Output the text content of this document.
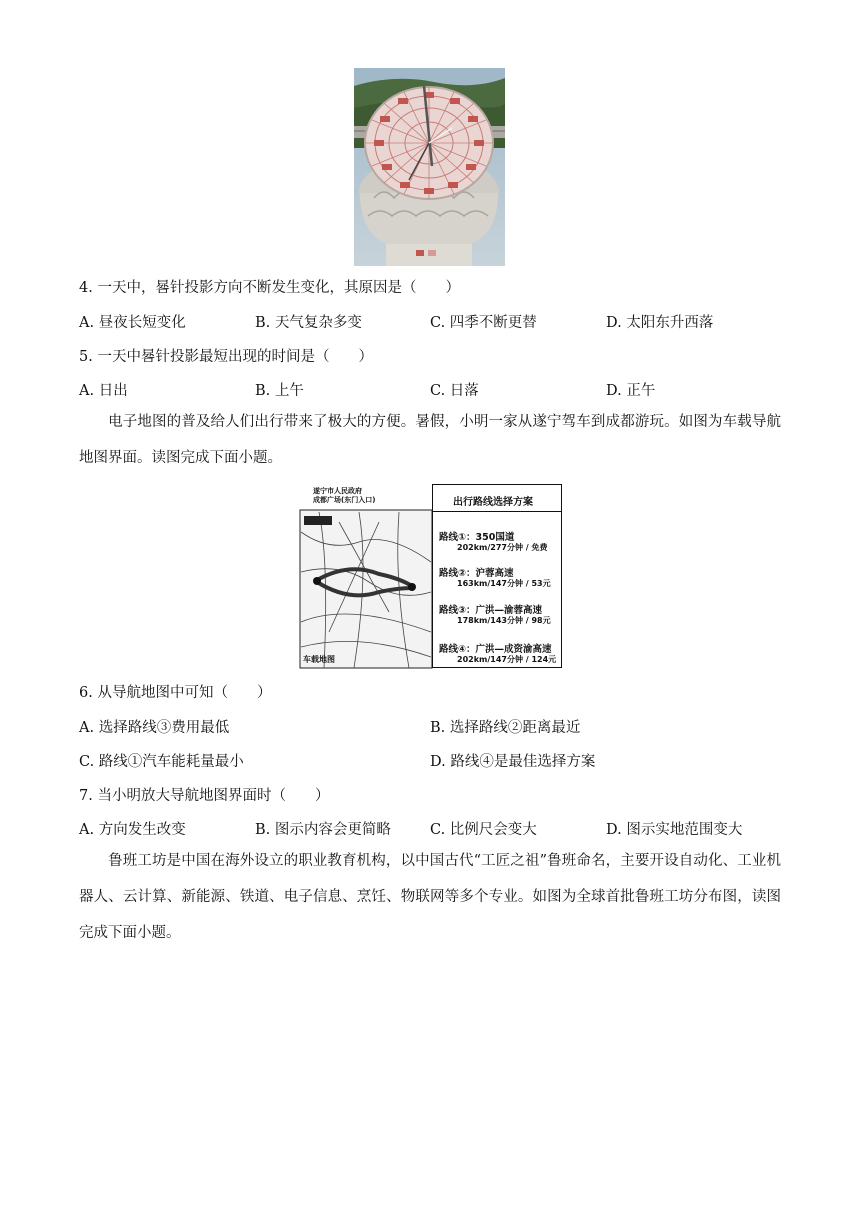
4. 一天中，晷针投影方向不断发生变化，其原因是（　　）
A. 昼夜长短变化	B. 天气复杂多变	C. 四季不断更替	D. 太阳东升西落
5. 一天中晷针投影最短出现的时间是（　　）
A. 日出	B. 上午	C. 日落	D. 正午
电子地图的普及给人们出行带来了极大的方便。暑假，小明一家从遂宁驾车到成都游玩。如图为车载导航地图界面。读图完成下面小题。
遂宁市人民政府
成都广场(东门入口)
车载地图
出行路线选择方案
路线①：350国道
202km/277分钟 / 免费
路线②：沪蓉高速
163km/147分钟 / 53元
路线③：广洪—渝蓉高速
178km/143分钟 / 98元
路线④：广洪—成资渝高速
202km/147分钟 / 124元
6. 从导航地图中可知（　　）
A. 选择路线③费用最低	B. 选择路线②距离最近
C. 路线①汽车能耗量最小	D. 路线④是最佳选择方案
7. 当小明放大导航地图界面时（　　）
A. 方向发生改变	B. 图示内容会更简略	C. 比例尺会变大	D. 图示实地范围变大
鲁班工坊是中国在海外设立的职业教育机构，以中国古代“工匠之祖”鲁班命名，主要开设自动化、工业机器人、云计算、新能源、铁道、电子信息、烹饪、物联网等多个专业。如图为全球首批鲁班工坊分布图，读图完成下面小题。
